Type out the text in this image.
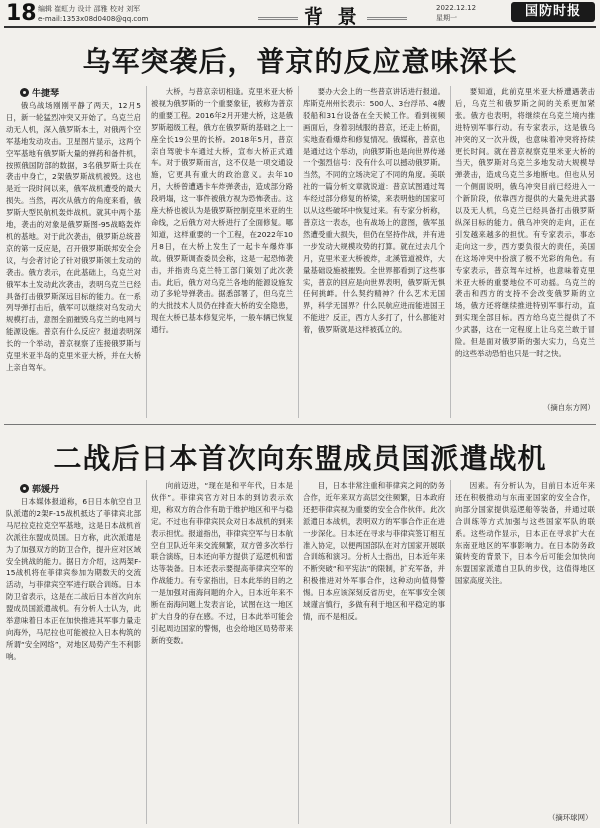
18 编辑 崔虹力 设计 邵雅 校对 刘军
e-mail:1353x08d0408@qq.com	背 景	2022.12.12
星期一	国防时报
乌军突袭后，普京的反应意味深长
牛捷琴

俄乌战场刚刚平静了两天，12月5日，新一轮猛烈冲突又开始了。乌克兰启动无人机，深入俄罗斯本土，对俄两个空军基地发动攻击。卫星图片显示，这两个空军基地有俄罗斯大量的弹药和备件机，按照俄国防部的数据，3名俄罗斯士兵在袭击中身亡，2架俄罗斯战机被毁。这也是近一段时间以来，俄军战机遭受的最大损失。当然，再次从俄方的角度来看，俄罗斯大型民航机轰炸战机。就其中两个基地，袭击的对象是俄罗斯图-95战略轰炸机的基地。对于此次袭击，俄罗斯总统普京的第一反应是，召开俄罗斯联邦安全会议，与会者讨论了针对俄罗斯领土发动的袭击。俄方表示，在此基础上，乌克兰对俄军本土发动此次袭击，表明乌克兰已经具备打击俄罗斯深远目标的能力。在一系列导弹打击后，俄军可以继续对乌发动大规模打击，意图全面摧毁乌克兰的电网与能源设施。普京有什么反应？报道表明深长的一个举动，普京视察了连接俄罗斯与克里米亚半岛的克里米亚大桥，并在大桥上亲自驾车。

大桥，与普京亲切相逢。克里米亚大桥被视为俄罗斯的一个重要象征，被称为普京的重要工程。2016年2月开建大桥，这是俄罗斯超级工程，俄方在俄罗斯的基础之上一座全长19公里的长桥。2018年5月，普京亲自驾驶卡车通过大桥，宣布大桥正式通车。对于俄罗斯而言，这不仅是一项交通设施，它更具有重大的政治意义。去年10月，大桥曾遭遇卡车炸弹袭击，造成部分路段坍塌，这一事件被俄方视为恐怖袭击。这座大桥也被认为是俄罗斯控制克里米亚的生命线，之后俄方对大桥进行了全面修复。哪知道，这样重要的一个工程，在2022年10月8日，在大桥上发生了一起卡车爆炸事故。俄罗斯调查委员会称，这是一起恐怖袭击，并指责乌克兰特工部门策划了此次袭击。此后，俄方对乌克兰各地的能源设施发动了多轮导弹袭击。据悉部署了，但乌克兰的大批技术人员仍在排查大桥的安全隐患，现在大桥已基本修复完毕，一般车辆已恢复通行。

要办大会上的一些普京讲话进行报道。库斯克州州长表示：500人、3台浮吊、4艘驳船和31台设备在全天候工作。看到视频画面后，身着羽绒服的普京，还走上桥面，实地查看爆炸和修复情况。俄媒称，普京也是通过这个举动，向俄罗斯也是向世界传递一个强烈信号：没有什么可以撼动俄罗斯。当然，不同的立场决定了不同的角度。美联社的一篇分析文章就说道：普京试图通过驾车经过部分修复的桥梁，来表明他的国家可以从这些破坏中恢复过来。有专家分析称，普京这一表态，也有战场上的意图，俄军虽然遭受重大损失，但仍在坚持作战，并有进一步发动大规模攻势的打算。就在过去几个月，克里米亚大桥被炸，北溪管道被炸，大量基础设施被摧毁。全世界都看到了这些事实，普京的回应是向世界表明，俄罗斯无惧任何挑衅。什么契约精神？什么艺术无国界，科学无国界？什么民航应进而能进国王不能进？反正，西方人多打了，什么都能对着，俄罗斯就是这样被孤立的。

要知道，此前克里米亚大桥遭遇袭击后，乌克兰和俄罗斯之间的关系更加紧张。俄方也表明，将继续在乌克兰境内推进特别军事行动。有专家表示，这是俄乌冲突的又一次升级，也意味着冲突将持续更长时间。就在普京视察克里米亚大桥的当天，俄罗斯对乌克兰多地发动大规模导弹袭击，造成乌克兰多地断电。但也从另一个侧面说明，俄乌冲突目前已经进入一个新阶段，依靠西方提供的大量先进武器以及无人机，乌克兰已经具备打击俄罗斯纵深目标的能力。俄乌冲突的走向，正在引发越来越多的担忧。有专家表示，事态走向这一步，西方要负很大的责任，美国在这场冲突中扮演了极不光彩的角色。有专家表示，普京驾车过桥，也意味着克里米亚大桥的重要地位不可动摇。乌克兰的袭击和西方的支持不会改变俄罗斯的立场，俄方还将继续推进特别军事行动，直到实现全部目标。西方给乌克兰提供了不少武器，这在一定程度上让乌克兰敢于冒险。但是面对俄罗斯的强大实力，乌克兰的这些举动恐怕也只是一时之快。

（摘自东方网）
二战后日本首次向东盟成员国派遣战机
郭媛丹

日本媒体报道称，6日日本航空自卫队派遣的2架F-15战机抵达了菲律宾北部马尼拉克拉克空军基地，这是日本战机首次派往东盟成员国。日方称，此次派遣是为了加强双方的防卫合作，提升应对区域安全挑战的能力。据日方介绍，这两架F-15战机将在菲律宾参加为期数天的交流活动，与菲律宾空军进行联合训练。日本防卫省表示，这是在二战后日本首次向东盟成员国派遣战机。有分析人士认为，此举意味着日本正在加快推进其军事力量走向海外，马尼拉也可能被拉入日本构筑的所谓“安全网络”，对地区局势产生不利影响。

向前迈进，“现在是和平年代，日本是伙伴”。菲律宾官方对日本的到访表示欢迎，称双方的合作有助于维护地区和平与稳定。不过也有菲律宾民众对日本战机的到来表示担忧。报道指出，菲律宾空军与日本航空自卫队近年来交流频繁，双方曾多次举行联合演练，日本还向菲方提供了巡逻机和雷达等装备。日本还表示要提高菲律宾空军的作战能力。有专家指出，日本此举的目的之一是加强对南海问题的介入，日本近年来不断在南海问题上发表言论，试图在这一地区扩大自身的存在感。不过，日本此举可能会引起周边国家的警惕，也会给地区局势带来新的变数。

目，日本非常注重和菲律宾之间的防务合作，近年来双方高层交往频繁，日本政府还把菲律宾视为重要的安全合作伙伴。此次派遣日本战机，表明双方的军事合作正在进一步深化。日本还在寻求与菲律宾签订相互准入协定，以便两国部队在对方国家开展联合训练和演习。分析人士指出，日本近年来不断突破“和平宪法”的限制，扩充军备，并积极推进对外军事合作，这种动向值得警惕。日本应该深刻反省历史，在军事安全领域谨言慎行，多做有利于地区和平稳定的事情，而不是相反。

因素。有分析认为，目前日本近年来还在积极推动与东南亚国家的安全合作，向部分国家提供巡逻船等装备，并通过联合训练等方式加强与这些国家军队的联系。这些动作显示，日本正在寻求扩大在东南亚地区的军事影响力。在日本防务政策转变的背景下，日本今后可能会加快向东盟国家派遣自卫队的步伐，这值得地区国家高度关注。

（摘环球网）
